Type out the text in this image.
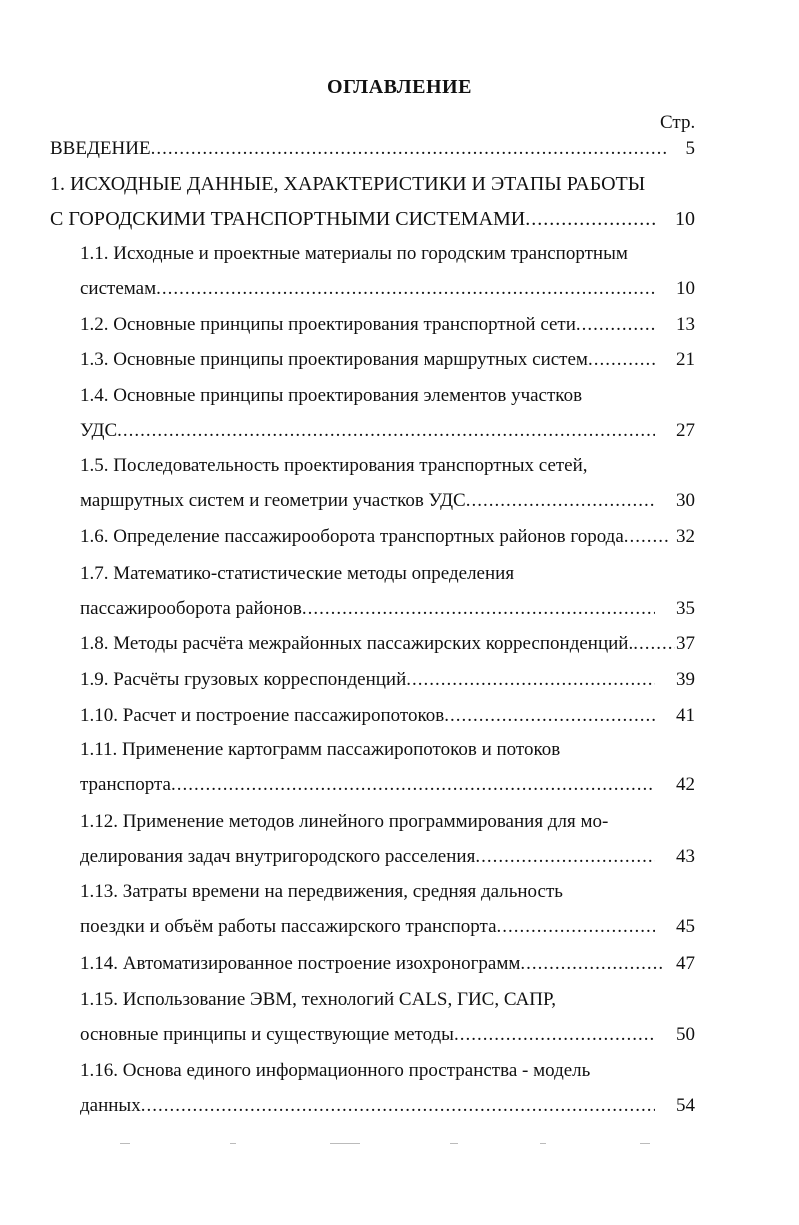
ОГЛАВЛЕНИЕ
Стр.
ВВЕДЕНИЕ .....	5
1. ИСХОДНЫЕ ДАННЫЕ, ХАРАКТЕРИСТИКИ И ЭТАПЫ РАБОТЫ
С ГОРОДСКИМИ ТРАНСПОРТНЫМИ СИСТЕМАМИ .....	10
1.1. Исходные и проектные материалы по городским транспортным
системам .....	10
1.2. Основные принципы проектирования транспортной сети .....	13
1.3. Основные принципы проектирования маршрутных систем .....	21
1.4. Основные принципы проектирования элементов участков
УДС .....	27
1.5. Последовательность проектирования транспортных сетей,
маршрутных систем и геометрии участков УДС .....	30
1.6. Определение пассажирооборота транспортных районов города .....	32
1.7. Математико-статистические методы определения
пассажирооборота районов .....	35
1.8. Методы расчёта межрайонных пассажирских корреспонденций. ..... 37
1.9. Расчёты грузовых корреспонденций .....	39
1.10. Расчет и построение пассажиропотоков .....	41
1.11. Применение картограмм пассажиропотоков и потоков
транспорта .....	42
1.12. Применение методов линейного программирования для мо-
делирования задач внутригородского расселения .....	43
1.13. Затраты времени на передвижения, средняя дальность
поездки и объём работы пассажирского транспорта .....	45
1.14. Автоматизированное построение изохронограмм .....	47
1.15. Использование ЭВМ, технологий CALS, ГИС, САПР,
основные принципы и существующие методы .....	50
1.16. Основа единого информационного пространства - модель
данных .....	54
